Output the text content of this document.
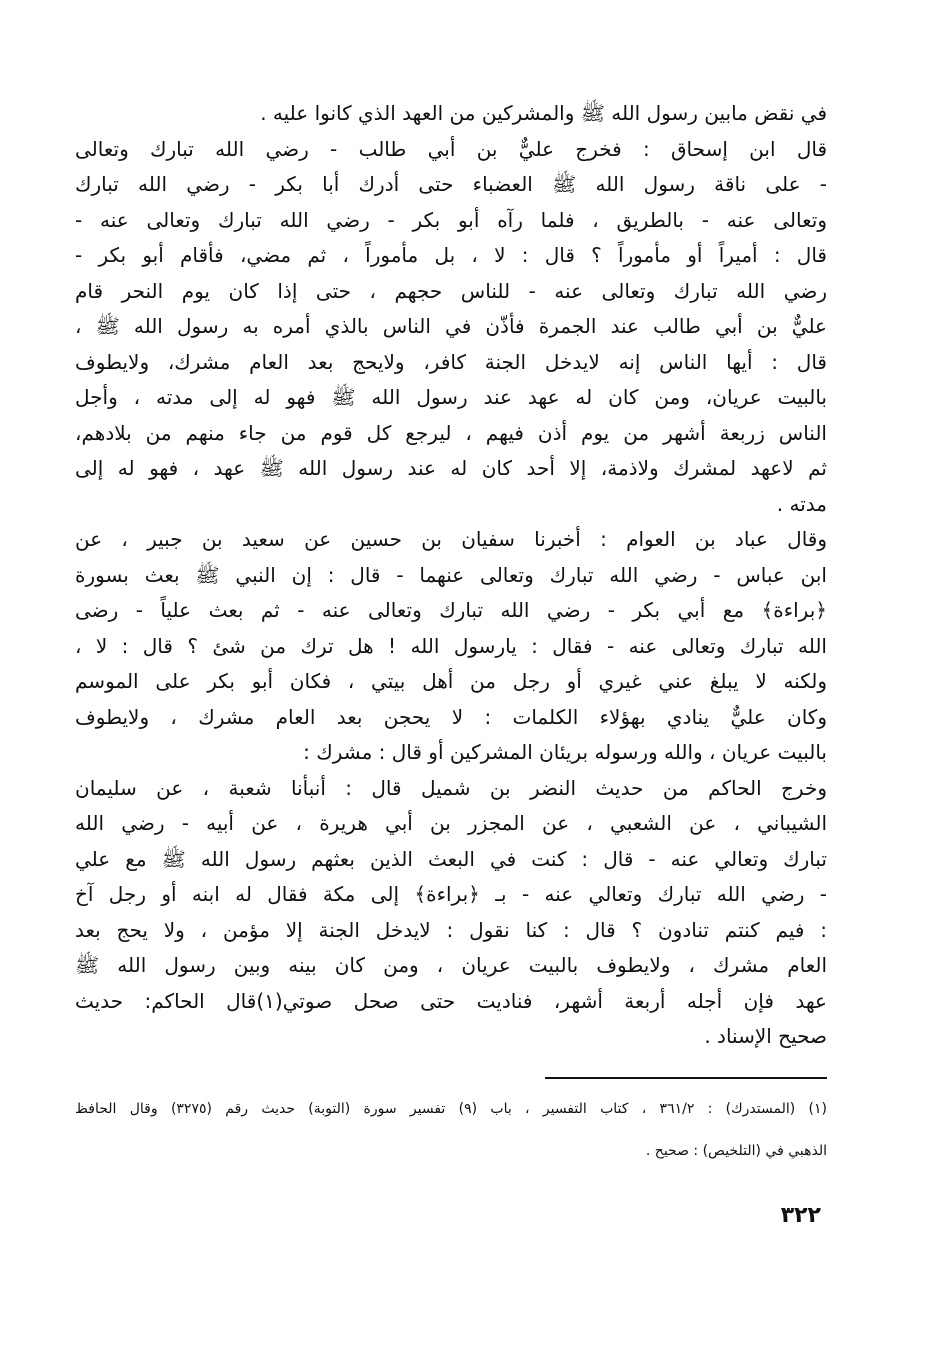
في نقض مابين رسول الله ﷺ والمشركين من العهد الذي كانوا عليه .
قال ابن إسحاق : فخرج عليٌّ بن أبي طالب - رضي الله تبارك وتعالى
- على ناقة رسول الله ﷺ العضباء حتى أدرك أبا بكر - رضي الله تبارك
وتعالى عنه - بالطريق ، فلما رآه أبو بكر - رضي الله تبارك وتعالى عنه -
قال : أميراً أو مأموراً ؟ قال : لا ، بل مأموراً ، ثم مضي، فأقام أبو بكر -
رضي الله تبارك وتعالى عنه - للناس حجهم ، حتى إذا كان يوم النحر قام
عليٌّ بن أبي طالب عند الجمرة فأذّن في الناس بالذي أمره به رسول الله ﷺ ،
قال : أيها الناس إنه لايدخل الجنة كافر، ولايحج بعد العام مشرك، ولايطوف
بالبيت عريان، ومن كان له عهد عند رسول الله ﷺ فهو له إلى مدته ، وأجل
الناس زربعة أشهر من يوم أذن فيهم ، ليرجع كل قوم من جاء منهم من بلادهم،
ثم لاعهد لمشرك ولاذمة، إلا أحد كان له عند رسول الله ﷺ عهد ، فهو له إلى
مدته .
وقال عباد بن العوام : أخبرنا سفيان بن حسين عن سعيد بن جبير ، عن
ابن عباس - رضي الله تبارك وتعالى عنهما - قال : إن النبي ﷺ بعث بسورة
﴿براءة﴾ مع أبي بكر - رضي الله تبارك وتعالى عنه - ثم بعث علياً - رضى
الله تبارك وتعالى عنه - فقال : يارسول الله ! هل ترك من شئ ؟ قال : لا ،
ولكنه لا يبلغ عني غيري أو رجل من أهل بيتي ، فكان أبو بكر على الموسم
وكان عليٌّ ينادي بهؤلاء الكلمات : لا يحجن بعد العام مشرك ، ولايطوف
بالبيت عريان ، والله ورسوله بريئان المشركين أو قال : مشرك :
وخرج الحاكم من حديث النضر بن شميل قال : أنبأنا شعبة ، عن سليمان
الشيباني ، عن الشعبي ، عن المجزر بن أبي هريرة ، عن أبيه - رضي الله
تبارك وتعالي عنه - قال : كنت في البعث الذين بعثهم رسول الله ﷺ مع علي
- رضي الله تبارك وتعالي عنه - بـ ﴿براءة﴾ إلى مكة فقال له ابنه أو رجل آخ
: فيم كنتم تنادون ؟ قال : كنا نقول : لايدخل الجنة إلا مؤمن ، ولا يحج بعد
العام مشرك ، ولايطوف بالبيت عريان ، ومن كان بينه وبين رسول الله ﷺ
عهد فإن أجله أربعة أشهر، فناديت حتى صحل صوتي(١)قال الحاكم: حديث
صحيح الإسناد .
(١) (المستدرك) : ٣٦١/٢ ، كتاب التفسير ، باب (٩) تفسير سورة (التوبة) حديث رقم (٣٢٧٥) وقال الحافظ
الذهبي في (التلخيص) : صحيح .
٣٢٢
